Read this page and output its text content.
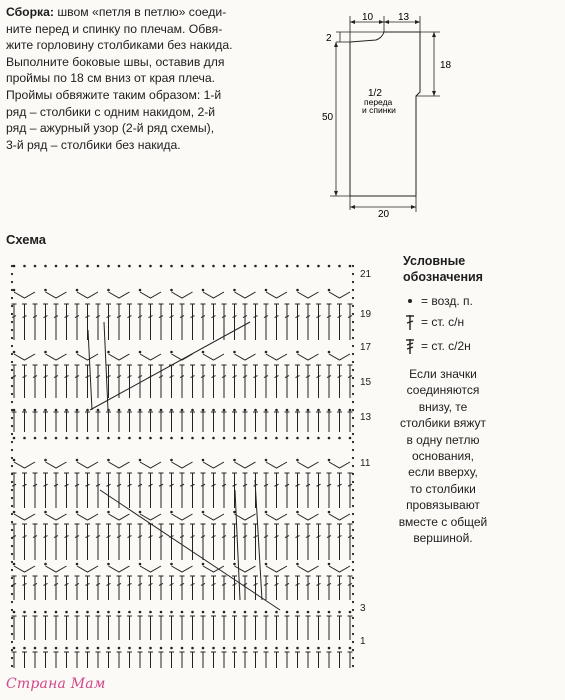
Сборка: швом «петля в петлю» соеди-
ните перед и спинку по плечам. Обвя-
жите горловину столбиками без накида.
Выполните боковые швы, оставив для
проймы по 18 см вниз от края плеча.
Проймы обвяжите таким образом: 1-й
ряд – столбики с одним накидом, 2-й
ряд – ажурный узор (2-й ряд схемы),
3-й ряд – столбики без накида.

10 13
2
18
50
20
1/2
переда
и спинки
Схема
21
19
17
15
13
11
3
1
Условные
обозначения
= возд. п.
= ст. с/н
= ст. с/2н
Если значки
соединяются
внизу, те
столбики вяжут
в одну петлю
основания,
если вверху,
то столбики
провязывают
вместе с общей
вершиной.
Страна Мам
